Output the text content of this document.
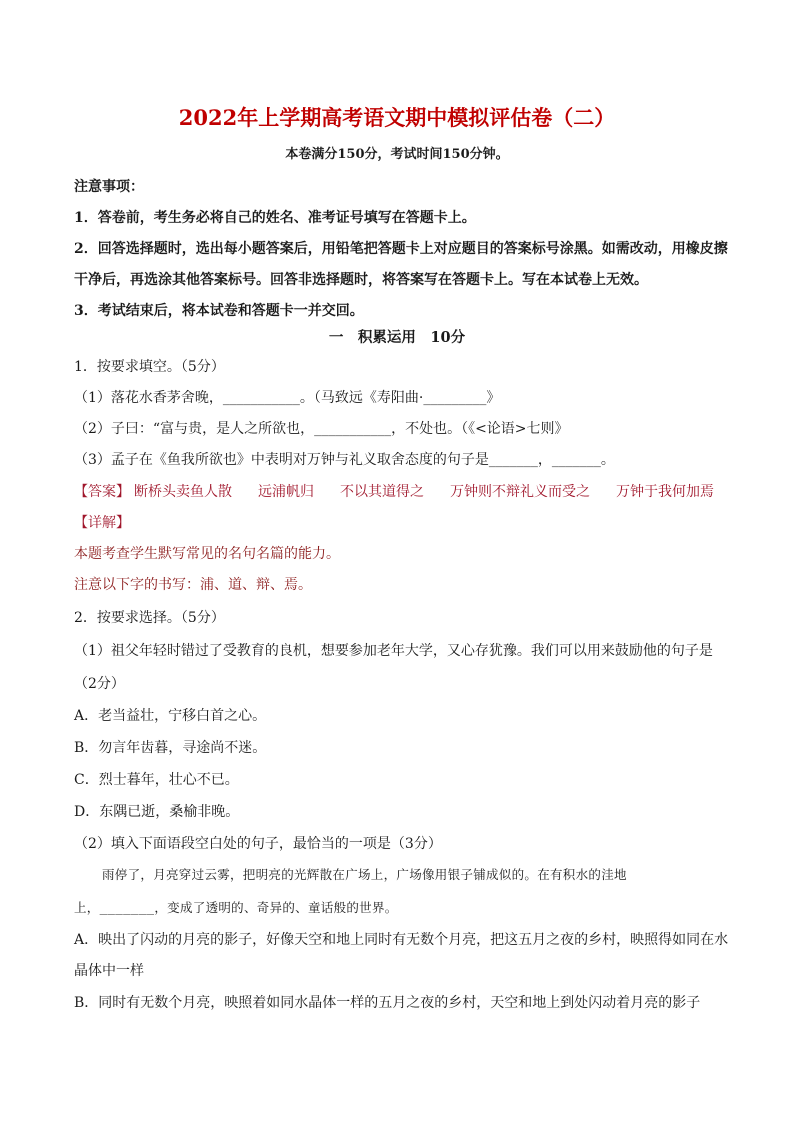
2022年上学期高考语文期中模拟评估卷（二）
本卷满分150分，考试时间150分钟。
注意事项：
1．答卷前，考生务必将自己的姓名、准考证号填写在答题卡上。
2．回答选择题时，选出每小题答案后，用铅笔把答题卡上对应题目的答案标号涂黑。如需改动，用橡皮擦
干净后，再选涂其他答案标号。回答非选择题时，将答案写在答题卡上。写在本试卷上无效。
3．考试结束后，将本试卷和答题卡一并交回。
一　积累运用　10分
1．按要求填空。（5分）
（1）落花水香茅舍晚，___________。（马致远《寿阳曲·_________》
（2）子曰：“富与贵，是人之所欲也，___________，不处也。（《<论语>七则》
（3）孟子在《鱼我所欲也》中表明对万钟与礼义取舍态度的句子是_______，_______。
【答案】 断桥头卖鱼人散 远浦帆归 不以其道得之 万钟则不辩礼义而受之 万钟于我何加焉
【详解】
本题考查学生默写常见的名句名篇的能力。
注意以下字的书写：浦、道、辩、焉。
2．按要求选择。（5分）
（1）祖父年轻时错过了受教育的良机，想要参加老年大学，又心存犹豫。我们可以用来鼓励他的句子是
（2分）
A．老当益壮，宁移白首之心。
B．勿言年齿暮，寻途尚不迷。
C．烈士暮年，壮心不已。
D．东隅已逝，桑榆非晚。
（2）填入下面语段空白处的句子，最恰当的一项是（3分）
雨停了，月亮穿过云雾，把明亮的光辉散在广场上，广场像用银子铺成似的。在有积水的洼地
上，_______，变成了透明的、奇异的、童话般的世界。
A．映出了闪动的月亮的影子，好像天空和地上同时有无数个月亮，把这五月之夜的乡村，映照得如同在水
晶体中一样
B．同时有无数个月亮，映照着如同水晶体一样的五月之夜的乡村，天空和地上到处闪动着月亮的影子
